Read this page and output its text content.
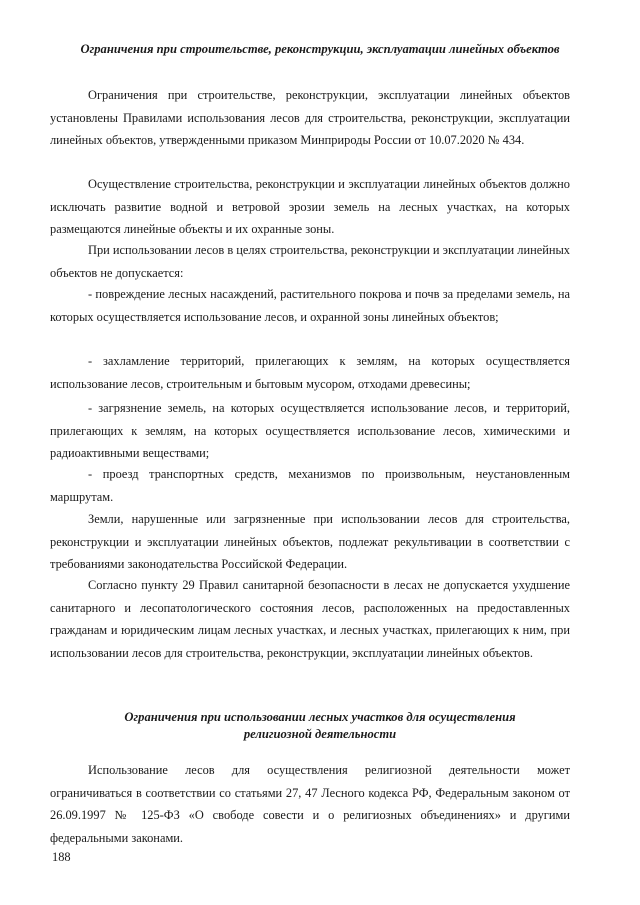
Ограничения при строительстве, реконструкции, эксплуатации линейных объектов

Ограничения при строительстве, реконструкции, эксплуатации линейных объектов установлены Правилами использования лесов для строительства, реконструкции, эксплуатации линейных объектов, утвержденными приказом Минприроды России от 10.07.2020 № 434.

Осуществление строительства, реконструкции и эксплуатации линейных объектов должно исключать развитие водной и ветровой эрозии земель на лесных участках, на которых размещаются линейные объекты и их охранные зоны.

При использовании лесов в целях строительства, реконструкции и эксплуатации линейных объектов не допускается:

- повреждение лесных насаждений, растительного покрова и почв за пределами земель, на которых осуществляется использование лесов, и охранной зоны линейных объектов;

- захламление территорий, прилегающих к землям, на которых осуществляется использование лесов, строительным и бытовым мусором, отходами древесины;

- загрязнение земель, на которых осуществляется использование лесов, и территорий, прилегающих к землям, на которых осуществляется использование лесов, химическими и радиоактивными веществами;

- проезд транспортных средств, механизмов по произвольным, неустановленным маршрутам.

Земли, нарушенные или загрязненные при использовании лесов для строительства, реконструкции и эксплуатации линейных объектов, подлежат рекультивации в соответствии с требованиями законодательства Российской Федерации.

Согласно пункту 29 Правил санитарной безопасности в лесах не допускается ухудшение санитарного и лесопатологического состояния лесов, расположенных на предоставленных гражданам и юридическим лицам лесных участках, и лесных участках, прилегающих к ним, при использовании лесов для строительства, реконструкции, эксплуатации линейных объектов.

Ограничения при использовании лесных участков для осуществления
религиозной деятельности

Использование лесов для осуществления религиозной деятельности может ограничиваться в соответствии со статьями 27, 47 Лесного кодекса РФ, Федеральным законом от 26.09.1997 № 125-ФЗ «О свободе совести и о религиозных объединениях» и другими федеральными законами.

188
